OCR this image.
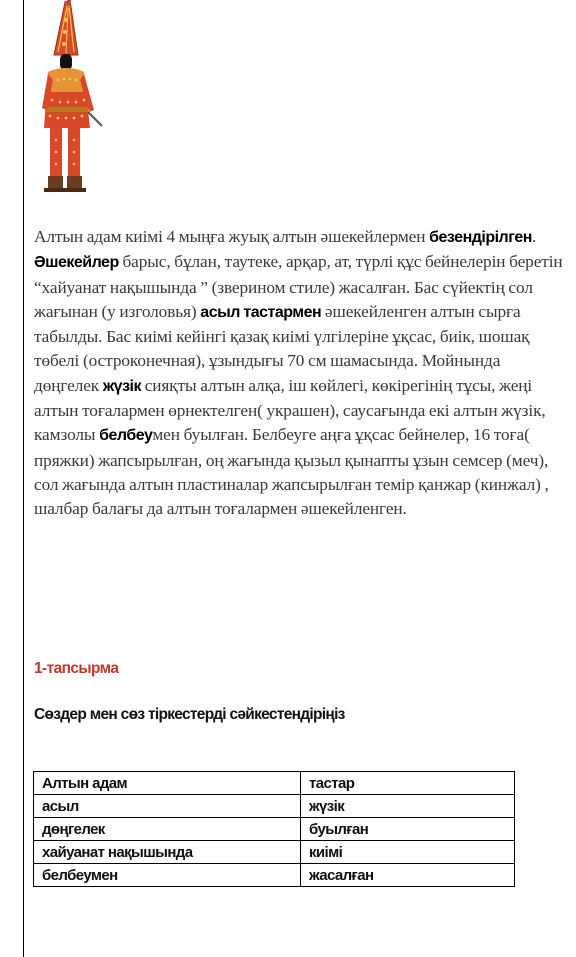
Алтын адам киімі 4 мыңға жуық алтын әшекейлермен безендірілген. Әшекейлер барыс, бұлан, таутеке, арқар, ат, түрлі құс бейнелерін беретін “хайуанат нақышында ” (зверином стиле) жасалған. Бас сүйектің сол жағынан (у изголовья) асыл тастармен әшекейленген алтын сырға табылды. Бас киімі кейінгі қазақ киімі үлгілеріне ұқсас, биік, шошақ төбелі (остроконечная), ұзындығы 70 см шамасында. Мойнында дөңгелек жүзік сияқты алтын алқа, іш көйлегі, көкірегінің тұсы, жеңі алтын тоғалармен өрнектелген( украшен), саусағында екі алтын жүзік, камзолы белбеумен буылған. Белбеуге аңға ұқсас бейнелер, 16 тоға( пряжки) жапсырылған, оң жағында қызыл қынапты ұзын семсер (меч), сол жағында алтын пластиналар жапсырылған темір қанжар (кинжал) , шалбар балағы да алтын тоғалармен әшекейленген.
1-тапсырма
Сөздер мен сөз тіркестерді сәйкестендіріңіз
Алтын адам	тастар
асыл	жүзік
дөңгелек	буылған
хайуанат нақышында	киімі
белбеумен	жасалған
